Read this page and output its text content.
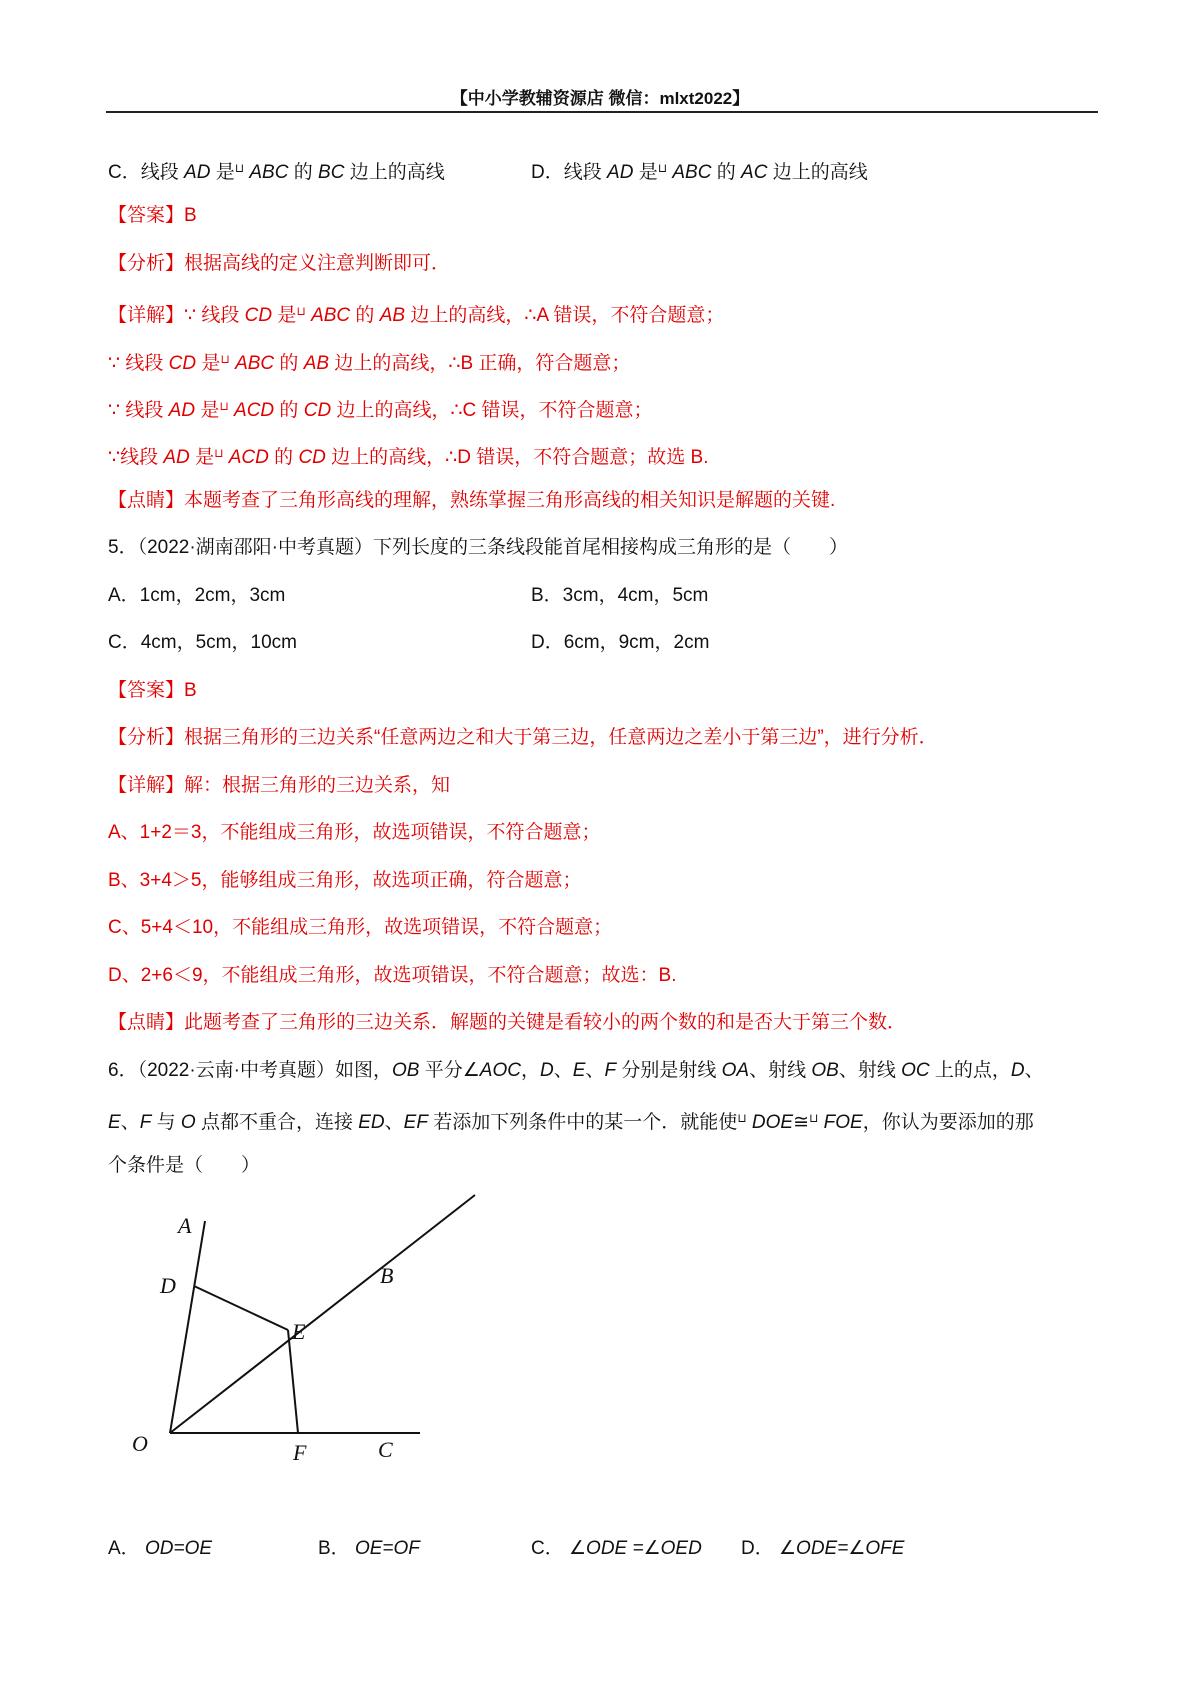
【中小学教辅资源店 微信：mlxt2022】
C．线段 AD 是⊔ ABC 的 BC 边上的高线	D．线段 AD 是⊔ ABC 的 AC 边上的高线
【答案】B
【分析】根据高线的定义注意判断即可．
【详解】∵ 线段 CD 是⊔ ABC 的 AB 边上的高线，∴A 错误，不符合题意；
∵ 线段 CD 是⊔ ABC 的 AB 边上的高线，∴B 正确，符合题意；
∵ 线段 AD 是⊔ ACD 的 CD 边上的高线，∴C 错误，不符合题意；
∵线段 AD 是⊔ ACD 的 CD 边上的高线，∴D 错误，不符合题意；故选 B.
【点睛】本题考查了三角形高线的理解，熟练掌握三角形高线的相关知识是解题的关键.
5．（2022·湖南邵阳·中考真题）下列长度的三条线段能首尾相接构成三角形的是（　　）
A．1cm，2cm，3cm	B．3cm，4cm，5cm
C．4cm，5cm，10cm	D．6cm，9cm，2cm
【答案】B
【分析】根据三角形的三边关系“任意两边之和大于第三边，任意两边之差小于第三边”，进行分析．
【详解】解：根据三角形的三边关系，知
A、1+2＝3，不能组成三角形，故选项错误，不符合题意；
B、3+4＞5，能够组成三角形，故选项正确，符合题意；
C、5+4＜10，不能组成三角形，故选项错误，不符合题意；
D、2+6＜9，不能组成三角形，故选项错误，不符合题意；故选：B.
【点睛】此题考查了三角形的三边关系．解题的关键是看较小的两个数的和是否大于第三个数．
6．（2022·云南·中考真题）如图，OB 平分∠AOC，D、E、F 分别是射线 OA、射线 OB、射线 OC 上的点，D、
E、F 与 O 点都不重合，连接 ED、EF 若添加下列条件中的某一个．就能使⊔ DOE≅⊔ FOE，你认为要添加的那
个条件是（　　）
A
B
C
D
E
F
O
A． OD=OE	B． OE=OF	C． ∠ODE =∠OED D． ∠ODE=∠OFE
